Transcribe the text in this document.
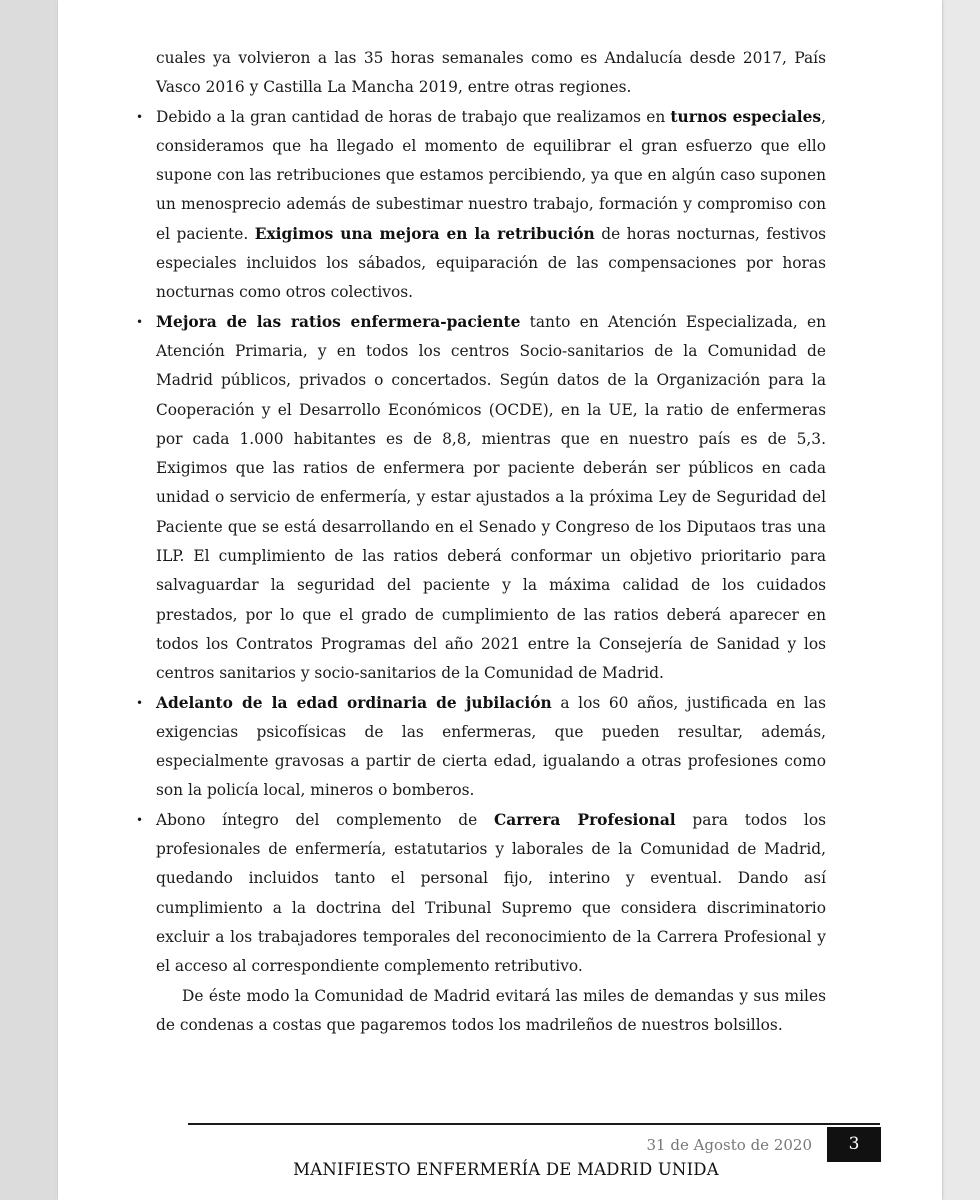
cuales ya volvieron a las 35 horas semanales como es Andalucía desde 2017, País Vasco 2016 y Castilla La Mancha 2019, entre otras regiones.

• Debido a la gran cantidad de horas de trabajo que realizamos en turnos especiales, consideramos que ha llegado el momento de equilibrar el gran esfuerzo que ello supone con las retribuciones que estamos percibiendo, ya que en algún caso suponen un menosprecio además de subestimar nuestro trabajo, formación y compromiso con el paciente. Exigimos una mejora en la retribución de horas nocturnas, festivos especiales incluidos los sábados, equiparación de las compensaciones por horas nocturnas como otros colectivos.

• Mejora de las ratios enfermera-paciente tanto en Atención Especializada, en Atención Primaria, y en todos los centros Socio-sanitarios de la Comunidad de Madrid públicos, privados o concertados. Según datos de la Organización para la Cooperación y el Desarrollo Económicos (OCDE), en la UE, la ratio de enfermeras por cada 1.000 habitantes es de 8,8, mientras que en nuestro país es de 5,3. Exigimos que las ratios de enfermera por paciente deberán ser públicos en cada unidad o servicio de enfermería, y estar ajustados a la próxima Ley de Seguridad del Paciente que se está desarrollando en el Senado y Congreso de los Diputaos tras una ILP. El cumplimiento de las ratios deberá conformar un objetivo prioritario para salvaguardar la seguridad del paciente y la máxima calidad de los cuidados prestados, por lo que el grado de cumplimiento de las ratios deberá aparecer en todos los Contratos Programas del año 2021 entre la Consejería de Sanidad y los centros sanitarios y socio-sanitarios de la Comunidad de Madrid.

• Adelanto de la edad ordinaria de jubilación a los 60 años, justificada en las exigencias psicofísicas de las enfermeras, que pueden resultar, además, especialmente gravosas a partir de cierta edad, igualando a otras profesiones como son la policía local, mineros o bomberos.

• Abono íntegro del complemento de Carrera Profesional para todos los profesionales de enfermería, estatutarios y laborales de la Comunidad de Madrid, quedando incluidos tanto el personal fijo, interino y eventual. Dando así cumplimiento a la doctrina del Tribunal Supremo que considera discriminatorio excluir a los trabajadores temporales del reconocimiento de la Carrera Profesional y el acceso al correspondiente complemento retributivo.

De éste modo la Comunidad de Madrid evitará las miles de demandas y sus miles de condenas a costas que pagaremos todos los madrileños de nuestros bolsillos.

31 de Agosto de 2020	3
MANIFIESTO ENFERMERÍA DE MADRID UNIDA
